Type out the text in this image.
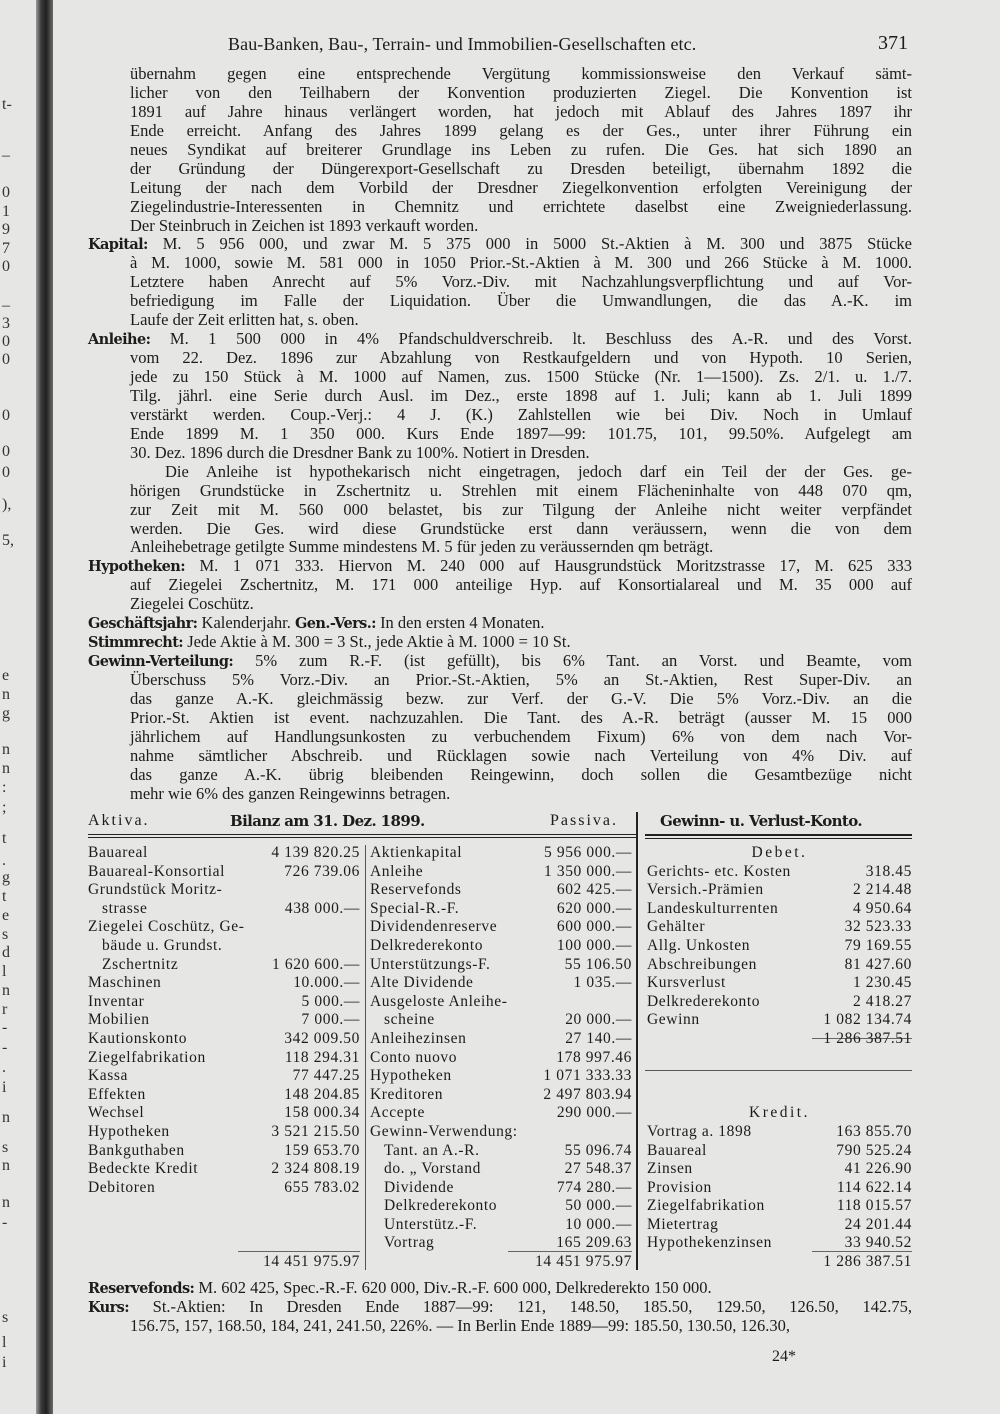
t-
–
0
1
9
7
0
–
3
0
0
0
0
0
),
5,
e
n
g
n
n
:
;
t
.
g
t
e
s
d
l
n
r
-
-
.
i
n
s
n
n
-
s
l
i
Bau-Banken, Bau-, Terrain- und Immobilien-Gesellschaften etc.	371
übernahm gegen eine entsprechende Vergütung kommissionsweise den Verkauf sämt-
licher von den Teilhabern der Konvention produzierten Ziegel. Die Konvention ist
1891 auf Jahre hinaus verlängert worden, hat jedoch mit Ablauf des Jahres 1897 ihr
Ende erreicht. Anfang des Jahres 1899 gelang es der Ges., unter ihrer Führung ein
neues Syndikat auf breiterer Grundlage ins Leben zu rufen. Die Ges. hat sich 1890 an
der Gründung der Düngerexport-Gesellschaft zu Dresden beteiligt, übernahm 1892 die
Leitung der nach dem Vorbild der Dresdner Ziegelkonvention erfolgten Vereinigung der
Ziegelindustrie-Interessenten in Chemnitz und errichtete daselbst eine Zweigniederlassung.
Der Steinbruch in Zeichen ist 1893 verkauft worden.
Kapital: M. 5 956 000, und zwar M. 5 375 000 in 5000 St.-Aktien à M. 300 und 3875 Stücke
à M. 1000, sowie M. 581 000 in 1050 Prior.-St.-Aktien à M. 300 und 266 Stücke à M. 1000.
Letztere haben Anrecht auf 5% Vorz.-Div. mit Nachzahlungsverpflichtung und auf Vor-
befriedigung im Falle der Liquidation. Über die Umwandlungen, die das A.-K. im
Laufe der Zeit erlitten hat, s. oben.
Anleihe: M. 1 500 000 in 4% Pfandschuldverschreib. lt. Beschluss des A.-R. und des Vorst.
vom 22. Dez. 1896 zur Abzahlung von Restkaufgeldern und von Hypoth. 10 Serien,
jede zu 150 Stück à M. 1000 auf Namen, zus. 1500 Stücke (Nr. 1—1500). Zs. 2/1. u. 1./7.
Tilg. jährl. eine Serie durch Ausl. im Dez., erste 1898 auf 1. Juli; kann ab 1. Juli 1899
verstärkt werden. Coup.-Verj.: 4 J. (K.) Zahlstellen wie bei Div. Noch in Umlauf
Ende 1899 M. 1 350 000. Kurs Ende 1897—99: 101.75, 101, 99.50%. Aufgelegt am
30. Dez. 1896 durch die Dresdner Bank zu 100%. Notiert in Dresden.
Die Anleihe ist hypothekarisch nicht eingetragen, jedoch darf ein Teil der der Ges. ge-
hörigen Grundstücke in Zschertnitz u. Strehlen mit einem Flächeninhalte von 448 070 qm,
zur Zeit mit M. 560 000 belastet, bis zur Tilgung der Anleihe nicht weiter verpfändet
werden. Die Ges. wird diese Grundstücke erst dann veräussern, wenn die von dem
Anleihebetrage getilgte Summe mindestens M. 5 für jeden zu veräussernden qm beträgt.
Hypotheken: M. 1 071 333. Hiervon M. 240 000 auf Hausgrundstück Moritzstrasse 17, M. 625 333
auf Ziegelei Zschertnitz, M. 171 000 anteilige Hyp. auf Konsortialareal und M. 35 000 auf
Ziegelei Coschütz.
Geschäftsjahr: Kalenderjahr. Gen.-Vers.: In den ersten 4 Monaten.
Stimmrecht: Jede Aktie à M. 300 = 3 St., jede Aktie à M. 1000 = 10 St.
Gewinn-Verteilung: 5% zum R.-F. (ist gefüllt), bis 6% Tant. an Vorst. und Beamte, vom
Überschuss 5% Vorz.-Div. an Prior.-St.-Aktien, 5% an St.-Aktien, Rest Super-Div. an
das ganze A.-K. gleichmässig bezw. zur Verf. der G.-V. Die 5% Vorz.-Div. an die
Prior.-St. Aktien ist event. nachzuzahlen. Die Tant. des A.-R. beträgt (ausser M. 15 000
jährlichem auf Handlungsunkosten zu verbuchendem Fixum) 6% von dem nach Vor-
nahme sämtlicher Abschreib. und Rücklagen sowie nach Verteilung von 4% Div. auf
das ganze A.-K. übrig bleibenden Reingewinn, doch sollen die Gesamtbezüge nicht
mehr wie 6% des ganzen Reingewinns betragen.
Aktiva.	Bilanz am 31. Dez. 1899.	Passiva.	Gewinn- u. Verlust-Konto.
Bauareal	4 139 820.25
Bauareal-Konsortial	726 739.06
Grundstück Moritz-
strasse	438 000.—
Ziegelei Coschütz, Ge-
bäude u. Grundst.
Zschertnitz	1 620 600.—
Maschinen	10.000.—
Inventar	5 000.—
Mobilien	7 000.—
Kautionskonto	342 009.50
Ziegelfabrikation	118 294.31
Kassa	77 447.25
Effekten	148 204.85
Wechsel	158 000.34
Hypotheken	3 521 215.50
Bankguthaben	159 653.70
Bedeckte Kredit	2 324 808.19
Debitoren	655 783.02
14 451 975.97
Aktienkapital	5 956 000.—
Anleihe	1 350 000.—
Reservefonds	602 425.—
Special-R.-F.	620 000.—
Dividendenreserve	600 000.—
Delkrederekonto	100 000.—
Unterstützungs-F.	55 106.50
Alte Dividende	1 035.—
Ausgeloste Anleihe-
scheine	20 000.—
Anleihezinsen	27 140.—
Conto nuovo	178 997.46
Hypotheken	1 071 333.33
Kreditoren	2 497 803.94
Accepte	290 000.—
Gewinn-Verwendung:
Tant. an A.-R.	55 096.74
do. „ Vorstand	27 548.37
Dividende	774 280.—
Delkrederekonto	50 000.—
Unterstütz.-F.	10 000.—
Vortrag	165 209.63
14 451 975.97
Debet.
Gerichts- etc. Kosten	318.45
Versich.-Prämien	2 214.48
Landeskulturrenten	4 950.64
Gehälter	32 523.33
Allg. Unkosten	79 169.55
Abschreibungen	81 427.60
Kursverlust	1 230.45
Delkrederekonto	2 418.27
Gewinn	1 082 134.74
1 286 387.51
Kredit.
Vortrag a. 1898	163 855.70
Bauareal	790 525.24
Zinsen	41 226.90
Provision	114 622.14
Ziegelfabrikation	118 015.57
Mietertrag	24 201.44
Hypothekenzinsen	33 940.52
1 286 387.51
Reservefonds: M. 602 425, Spec.-R.-F. 620 000, Div.-R.-F. 600 000, Delkrederekto 150 000.
Kurs: St.-Aktien: In Dresden Ende 1887—99: 121, 148.50, 185.50, 129.50, 126.50, 142.75,
156.75, 157, 168.50, 184, 241, 241.50, 226%. — In Berlin Ende 1889—99: 185.50, 130.50, 126.30,
24*
